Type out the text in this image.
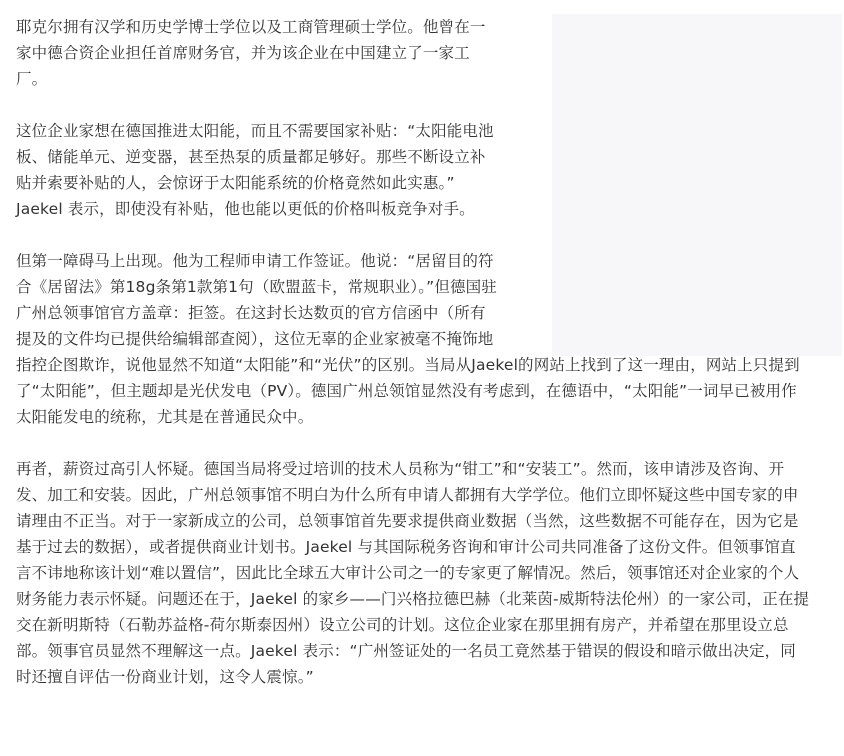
耶克尔拥有汉学和历史学博士学位以及工商管理硕士学位。他曾在一
家中德合资企业担任首席财务官，并为该企业在中国建立了一家工
厂。

这位企业家想在德国推进太阳能，而且不需要国家补贴：“太阳能电池
板、储能单元、逆变器，甚至热泵的质量都足够好。那些不断设立补
贴并索要补贴的人，会惊讶于太阳能系统的价格竟然如此实惠。”
Jaekel 表示，即使没有补贴，他也能以更低的价格叫板竞争对手。

但第一障碍马上出现。他为工程师申请工作签证。他说：“居留目的符
合《居留法》第18g条第1款第1句（欧盟蓝卡，常规职业）。”但德国驻
广州总领事馆官方盖章：拒签。在这封长达数页的官方信函中（所有
提及的文件均已提供给编辑部查阅），这位无辜的企业家被毫不掩饰地
指控企图欺诈，说他显然不知道“太阳能”和“光伏”的区别。当局从Jaekel的网站上找到了这一理由，网站上只提到
了“太阳能”，但主题却是光伏发电（PV）。德国广州总领馆显然没有考虑到，在德语中，“太阳能”一词早已被用作
太阳能发电的统称，尤其是在普通民众中。

再者，薪资过高引人怀疑。德国当局将受过培训的技术人员称为“钳工”和“安装工”。然而，该申请涉及咨询、开
发、加工和安装。因此，广州总领事馆不明白为什么所有申请人都拥有大学学位。他们立即怀疑这些中国专家的申
请理由不正当。对于一家新成立的公司，总领事馆首先要求提供商业数据（当然，这些数据不可能存在，因为它是
基于过去的数据），或者提供商业计划书。Jaekel 与其国际税务咨询和审计公司共同准备了这份文件。但领事馆直
言不讳地称该计划“难以置信”，因此比全球五大审计公司之一的专家更了解情况。然后，领事馆还对企业家的个人
财务能力表示怀疑。问题还在于，Jaekel 的家乡——门兴格拉德巴赫（北莱茵-威斯特法伦州）的一家公司，正在提
交在新明斯特（石勒苏益格-荷尔斯泰因州）设立公司的计划。这位企业家在那里拥有房产，并希望在那里设立总
部。领事官员显然不理解这一点。Jaekel 表示：“广州签证处的一名员工竟然基于错误的假设和暗示做出决定，同
时还擅自评估一份商业计划，这令人震惊。”
